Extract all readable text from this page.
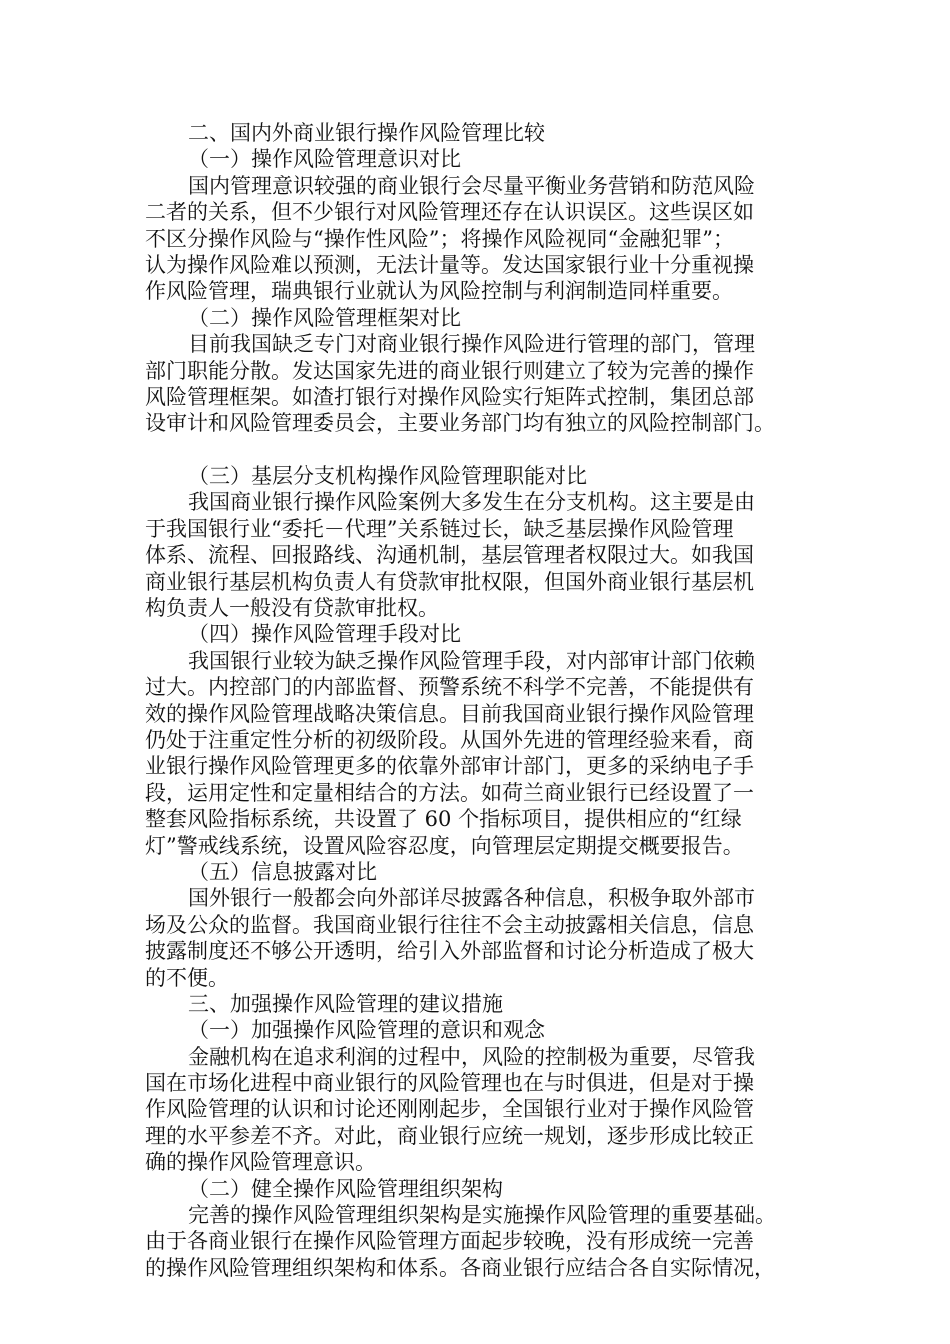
二、国内外商业银行操作风险管理比较
（一）操作风险管理意识对比
国内管理意识较强的商业银行会尽量平衡业务营销和防范风险
二者的关系，但不少银行对风险管理还存在认识误区。这些误区如
不区分操作风险与“操作性风险”；将操作风险视同“金融犯罪”；
认为操作风险难以预测，无法计量等。发达国家银行业十分重视操
作风险管理，瑞典银行业就认为风险控制与利润制造同样重要。
（二）操作风险管理框架对比
目前我国缺乏专门对商业银行操作风险进行管理的部门，管理
部门职能分散。发达国家先进的商业银行则建立了较为完善的操作
风险管理框架。如渣打银行对操作风险实行矩阵式控制，集团总部
设审计和风险管理委员会，主要业务部门均有独立的风险控制部门。
（三）基层分支机构操作风险管理职能对比
我国商业银行操作风险案例大多发生在分支机构。这主要是由
于我国银行业“委托－代理”关系链过长，缺乏基层操作风险管理
体系、流程、回报路线、沟通机制，基层管理者权限过大。如我国
商业银行基层机构负责人有贷款审批权限，但国外商业银行基层机
构负责人一般没有贷款审批权。
（四）操作风险管理手段对比
我国银行业较为缺乏操作风险管理手段，对内部审计部门依赖
过大。内控部门的内部监督、预警系统不科学不完善，不能提供有
效的操作风险管理战略决策信息。目前我国商业银行操作风险管理
仍处于注重定性分析的初级阶段。从国外先进的管理经验来看，商
业银行操作风险管理更多的依靠外部审计部门，更多的采纳电子手
段，运用定性和定量相结合的方法。如荷兰商业银行已经设置了一
整套风险指标系统，共设置了 60 个指标项目，提供相应的“红绿
灯”警戒线系统，设置风险容忍度，向管理层定期提交概要报告。
（五）信息披露对比
国外银行一般都会向外部详尽披露各种信息，积极争取外部市
场及公众的监督。我国商业银行往往不会主动披露相关信息，信息
披露制度还不够公开透明，给引入外部监督和讨论分析造成了极大
的不便。
三、加强操作风险管理的建议措施
（一）加强操作风险管理的意识和观念
金融机构在追求利润的过程中，风险的控制极为重要，尽管我
国在市场化进程中商业银行的风险管理也在与时俱进，但是对于操
作风险管理的认识和讨论还刚刚起步，全国银行业对于操作风险管
理的水平参差不齐。对此，商业银行应统一规划，逐步形成比较正
确的操作风险管理意识。
（二）健全操作风险管理组织架构
完善的操作风险管理组织架构是实施操作风险管理的重要基础。
由于各商业银行在操作风险管理方面起步较晚，没有形成统一完善
的操作风险管理组织架构和体系。各商业银行应结合各自实际情况，
